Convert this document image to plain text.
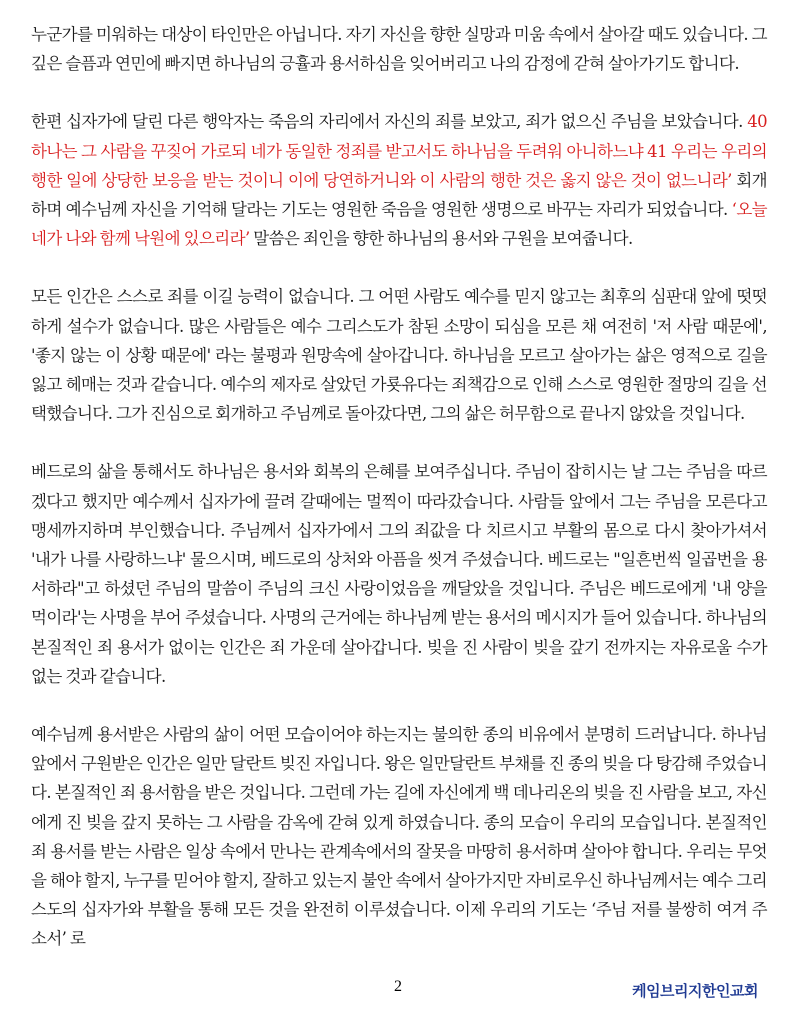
누군가를 미워하는 대상이 타인만은 아닙니다. 자기 자신을 향한 실망과 미움 속에서 살아갈 때도 있습니다. 그 깊은 슬픔과 연민에 빠지면 하나님의 긍휼과 용서하심을 잊어버리고 나의 감정에 갇혀 살아가기도 합니다.

한편 십자가에 달린 다른 행악자는 죽음의 자리에서 자신의 죄를 보았고, 죄가 없으신 주님을 보았습니다. 40 하나는 그 사람을 꾸짖어 가로되 네가 동일한 정죄를 받고서도 하나님을 두려워 아니하느냐 41 우리는 우리의 행한 일에 상당한 보응을 받는 것이니 이에 당연하거니와 이 사람의 행한 것은 옳지 않은 것이 없느니라’ 회개하며 예수님께 자신을 기억해 달라는 기도는 영원한 죽음을 영원한 생명으로 바꾸는 자리가 되었습니다. ‘오늘 네가 나와 함께 낙원에 있으리라’ 말씀은 죄인을 향한 하나님의 용서와 구원을 보여줍니다.

모든 인간은 스스로 죄를 이길 능력이 없습니다. 그 어떤 사람도 예수를 믿지 않고는 최후의 심판대 앞에 떳떳하게 설수가 없습니다. 많은 사람들은 예수 그리스도가 참된 소망이 되심을 모른 채 여전히 '저 사람 때문에', '좋지 않는 이 상황 때문에' 라는 불평과 원망속에 살아갑니다. 하나님을 모르고 살아가는 삶은 영적으로 길을 잃고 헤매는 것과 같습니다. 예수의 제자로 살았던 가룟유다는 죄책감으로 인해 스스로 영원한 절망의 길을 선택했습니다. 그가 진심으로 회개하고 주님께로 돌아갔다면, 그의 삶은 허무함으로 끝나지 않았을 것입니다.

베드로의 삶을 통해서도 하나님은 용서와 회복의 은혜를 보여주십니다. 주님이 잡히시는 날 그는 주님을 따르겠다고 했지만 예수께서 십자가에 끌려 갈때에는 멀찍이 따라갔습니다. 사람들 앞에서 그는 주님을 모른다고 맹세까지하며 부인했습니다. 주님께서 십자가에서 그의 죄값을 다 치르시고 부활의 몸으로 다시 찾아가셔서 '내가 나를 사랑하느냐' 물으시며, 베드로의 상처와 아픔을 씻겨 주셨습니다. 베드로는 "일흔번씩 일곱번을 용서하라"고 하셨던 주님의 말씀이 주님의 크신 사랑이었음을 깨달았을 것입니다. 주님은 베드로에게 '내 양을 먹이라'는 사명을 부어 주셨습니다. 사명의 근거에는 하나님께 받는 용서의 메시지가 들어 있습니다. 하나님의 본질적인 죄 용서가 없이는 인간은 죄 가운데 살아갑니다. 빚을 진 사람이 빚을 갚기 전까지는 자유로울 수가 없는 것과 같습니다.

예수님께 용서받은 사람의 삶이 어떤 모습이어야 하는지는 불의한 종의 비유에서 분명히 드러납니다. 하나님 앞에서 구원받은 인간은 일만 달란트 빚진 자입니다. 왕은 일만달란트 부채를 진 종의 빚을 다 탕감해 주었습니다. 본질적인 죄 용서함을 받은 것입니다. 그런데 가는 길에 자신에게 백 데나리온의 빚을 진 사람을 보고, 자신에게 진 빚을 갚지 못하는 그 사람을 감옥에 갇혀 있게 하였습니다. 종의 모습이 우리의 모습입니다. 본질적인 죄 용서를 받는 사람은 일상 속에서 만나는 관계속에서의 잘못을 마땅히 용서하며 살아야 합니다. 우리는 무엇을 해야 할지, 누구를 믿어야 할지, 잘하고 있는지 불안 속에서 살아가지만 자비로우신 하나님께서는 예수 그리스도의 십자가와 부활을 통해 모든 것을 완전히 이루셨습니다. 이제 우리의 기도는 ‘주님 저를 불쌍히 여겨 주소서’ 로

2	케임브리지한인교회
